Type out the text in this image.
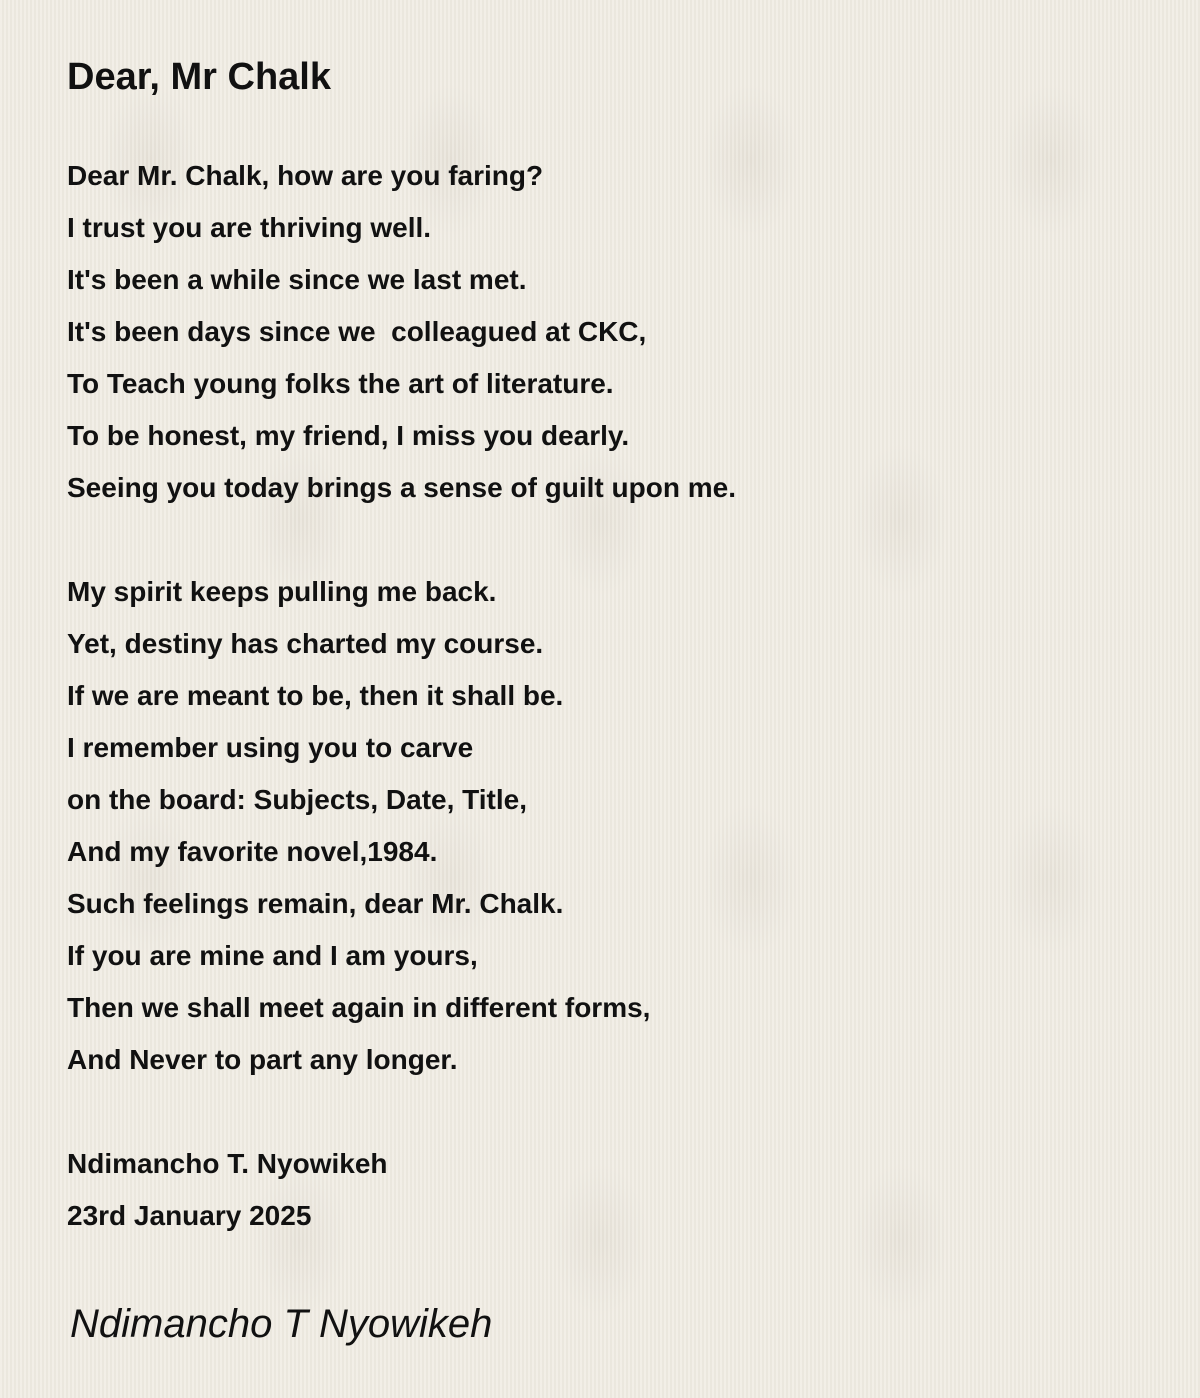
Dear, Mr Chalk
Dear Mr. Chalk, how are you faring?
I trust you are thriving well.
It's been a while since we last met.
It's been days since we  colleagued at CKC,
To Teach young folks the art of literature.
To be honest, my friend, I miss you dearly.
Seeing you today brings a sense of guilt upon me.
My spirit keeps pulling me back.
Yet, destiny has charted my course.
If we are meant to be, then it shall be.
I remember using you to carve
on the board: Subjects, Date, Title,
And my favorite novel,1984.
Such feelings remain, dear Mr. Chalk.
If you are mine and I am yours,
Then we shall meet again in different forms,
And Never to part any longer.
Ndimancho T. Nyowikeh
23rd January 2025

Ndimancho T Nyowikeh
